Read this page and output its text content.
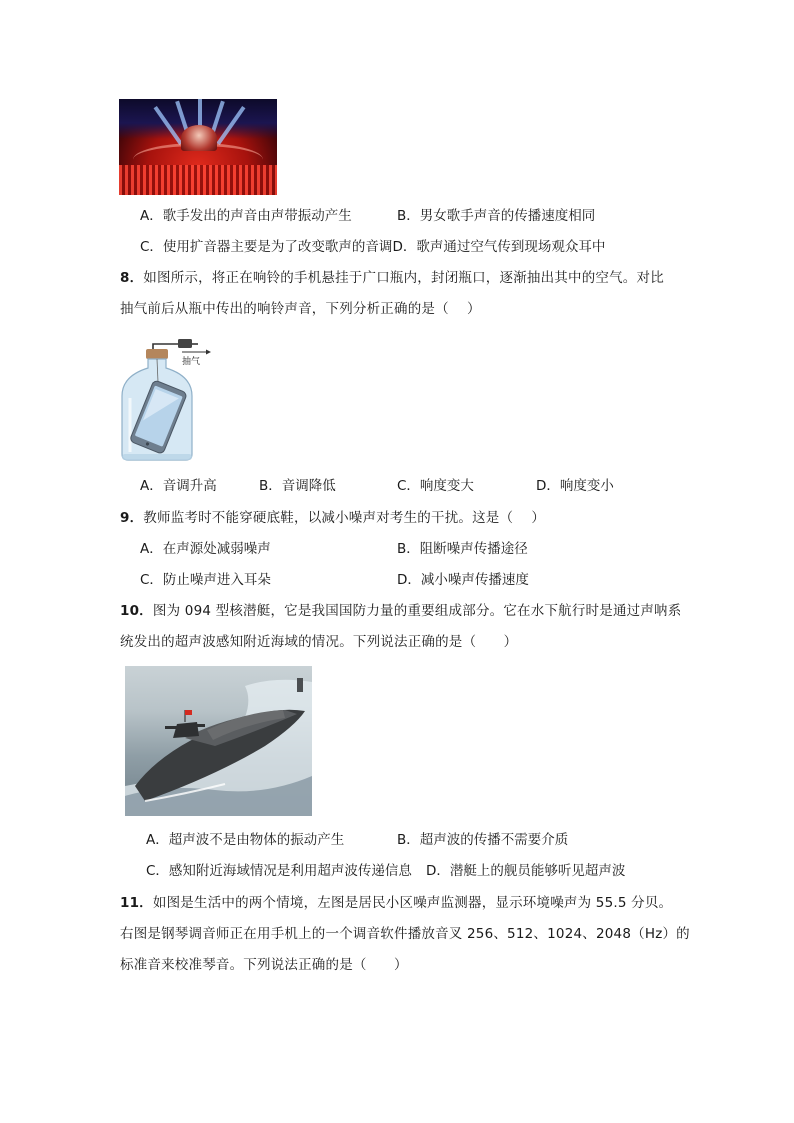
A．歌手发出的声音由声带振动产生	B．男女歌手声音的传播速度相同
C．使用扩音器主要是为了改变歌声的音调D．歌声通过空气传到现场观众耳中
8．如图所示，将正在响铃的手机悬挂于广口瓶内，封闭瓶口，逐渐抽出其中的空气。对比
抽气前后从瓶中传出的响铃声音，下列分析正确的是（　 ）
抽气
A．音调升高	B．音调降低	C．响度变大	D．响度变小
9．教师监考时不能穿硬底鞋，以减小噪声对考生的干扰。这是（　 ）
A．在声源处减弱噪声	B．阻断噪声传播途径
C．防止噪声进入耳朵	D．减小噪声传播速度
10．图为 094 型核潜艇，它是我国国防力量的重要组成部分。它在水下航行时是通过声呐系
统发出的超声波感知附近海域的情况。下列说法正确的是（　　）
A．超声波不是由物体的振动产生	B．超声波的传播不需要介质
C．感知附近海域情况是利用超声波传递信息 D．潜艇上的舰员能够听见超声波
11．如图是生活中的两个情境，左图是居民小区噪声监测器，显示环境噪声为 55.5 分贝。
右图是钢琴调音师正在用手机上的一个调音软件播放音叉 256、512、1024、2048（Hz）的
标准音来校准琴音。下列说法正确的是（　　）
